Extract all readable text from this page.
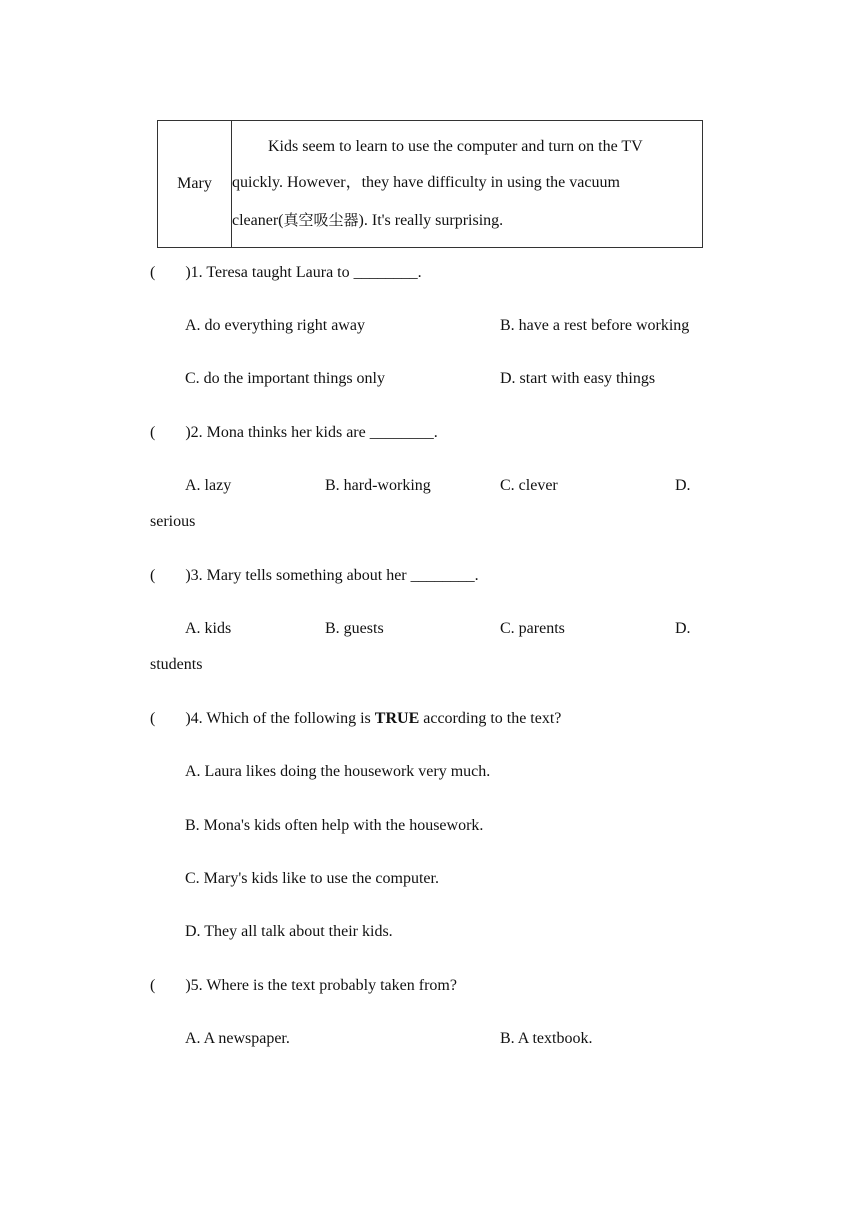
Mary	Kids seem to learn to use the computer and turn on the TV
quickly. However，they have difficulty in using the vacuum
cleaner(真空吸尘器). It's really surprising.
( )1. Teresa taught Laura to ________.
A. do everything right away	B. have a rest before working
C. do the important things only	D. start with easy things
( )2. Mona thinks her kids are ________.
A. lazy	B. hard-working	C. clever	D.
serious
( )3. Mary tells something about her ________.
A. kids	B. guests	C. parents	D.
students
( )4. Which of the following is TRUE according to the text?
A. Laura likes doing the housework very much.
B. Mona's kids often help with the housework.
C. Mary's kids like to use the computer.
D. They all talk about their kids.
( )5. Where is the text probably taken from?
A. A newspaper.	B. A textbook.
